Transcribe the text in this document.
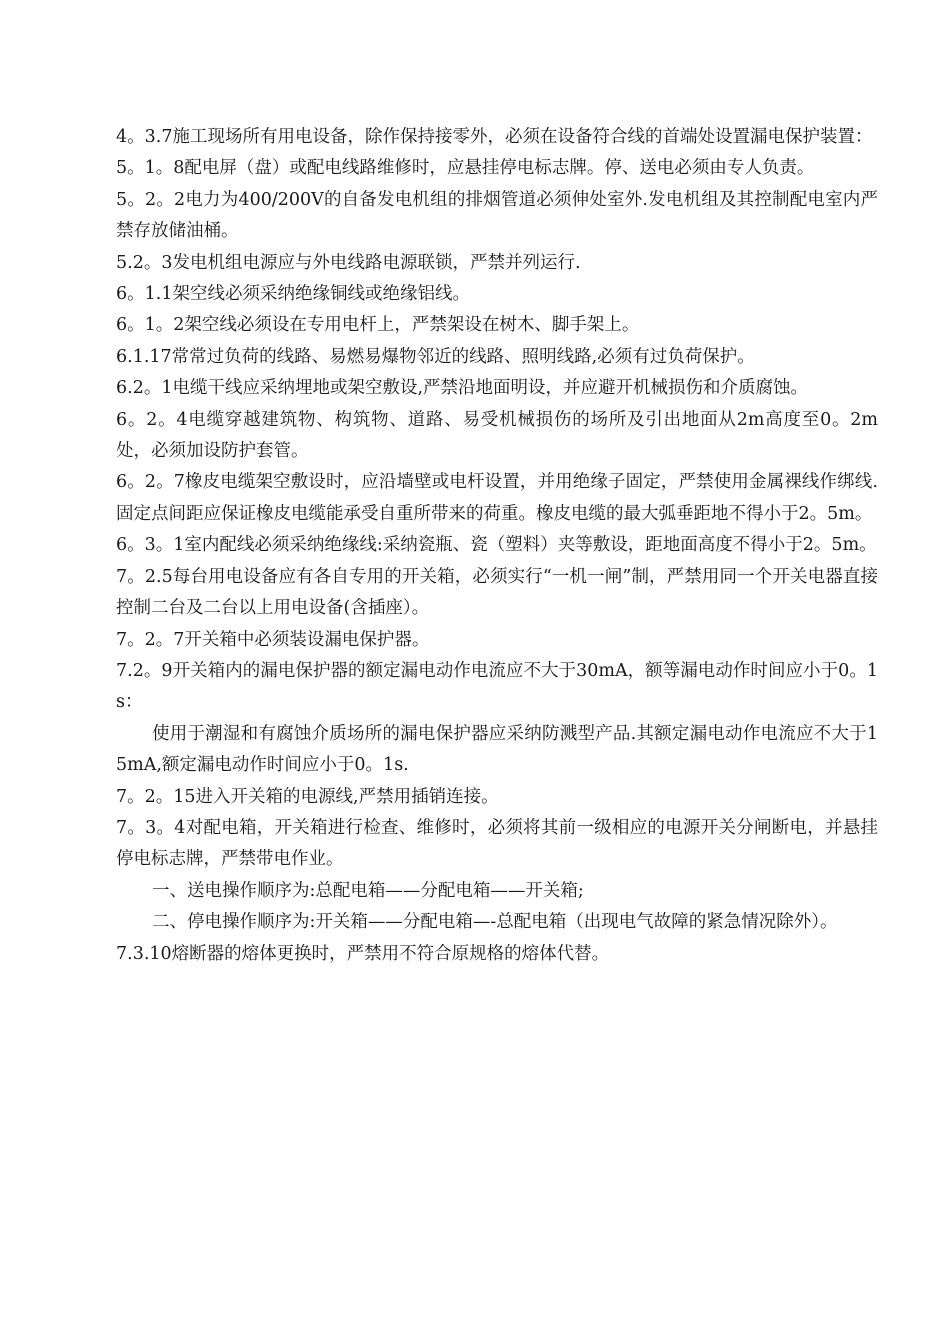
4。3.7施工现场所有用电设备，除作保持接零外，必须在设备符合线的首端处设置漏电保护装置：

5。1。8配电屏（盘）或配电线路维修时，应悬挂停电标志牌。停、送电必须由专人负责。

5。2。2电力为400/200V的自备发电机组的排烟管道必须伸处室外.发电机组及其控制配电室内严禁存放储油桶。

5.2。3发电机组电源应与外电线路电源联锁，严禁并列运行.

6。1.1架空线必须采纳绝缘铜线或绝缘铝线。

6。1。2架空线必须设在专用电杆上，严禁架设在树木、脚手架上。

6.1.17常常过负荷的线路、易燃易爆物邻近的线路、照明线路,必须有过负荷保护。

6.2。1电缆干线应采纳埋地或架空敷设,严禁沿地面明设，并应避开机械损伤和介质腐蚀。

6。2。4电缆穿越建筑物、构筑物、道路、易受机械损伤的场所及引出地面从2m高度至0。2m处，必须加设防护套管。

6。2。7橡皮电缆架空敷设时，应沿墙壁或电杆设置，并用绝缘子固定，严禁使用金属裸线作绑线.固定点间距应保证橡皮电缆能承受自重所带来的荷重。橡皮电缆的最大弧垂距地不得小于2。5m。

6。3。1室内配线必须采纳绝缘线:采纳瓷瓶、瓷（塑料）夹等敷设，距地面高度不得小于2。5m。

7。2.5每台用电设备应有各自专用的开关箱，必须实行“一机一闸”制，严禁用同一个开关电器直接控制二台及二台以上用电设备(含插座）。

7。2。7开关箱中必须装设漏电保护器。

7.2。9开关箱内的漏电保护器的额定漏电动作电流应不大于30mA，额等漏电动作时间应小于0。1s：

使用于潮湿和有腐蚀介质场所的漏电保护器应采纳防溅型产品.其额定漏电动作电流应不大于15mA,额定漏电动作时间应小于0。1s.

7。2。15进入开关箱的电源线,严禁用插销连接。

7。3。4对配电箱，开关箱进行检查、维修时，必须将其前一级相应的电源开关分闸断电，并悬挂停电标志牌，严禁带电作业。

一、送电操作顺序为:总配电箱——分配电箱——开关箱;

二、停电操作顺序为:开关箱——分配电箱—-总配电箱（出现电气故障的紧急情况除外）。

7.3.10熔断器的熔体更换时，严禁用不符合原规格的熔体代替。
